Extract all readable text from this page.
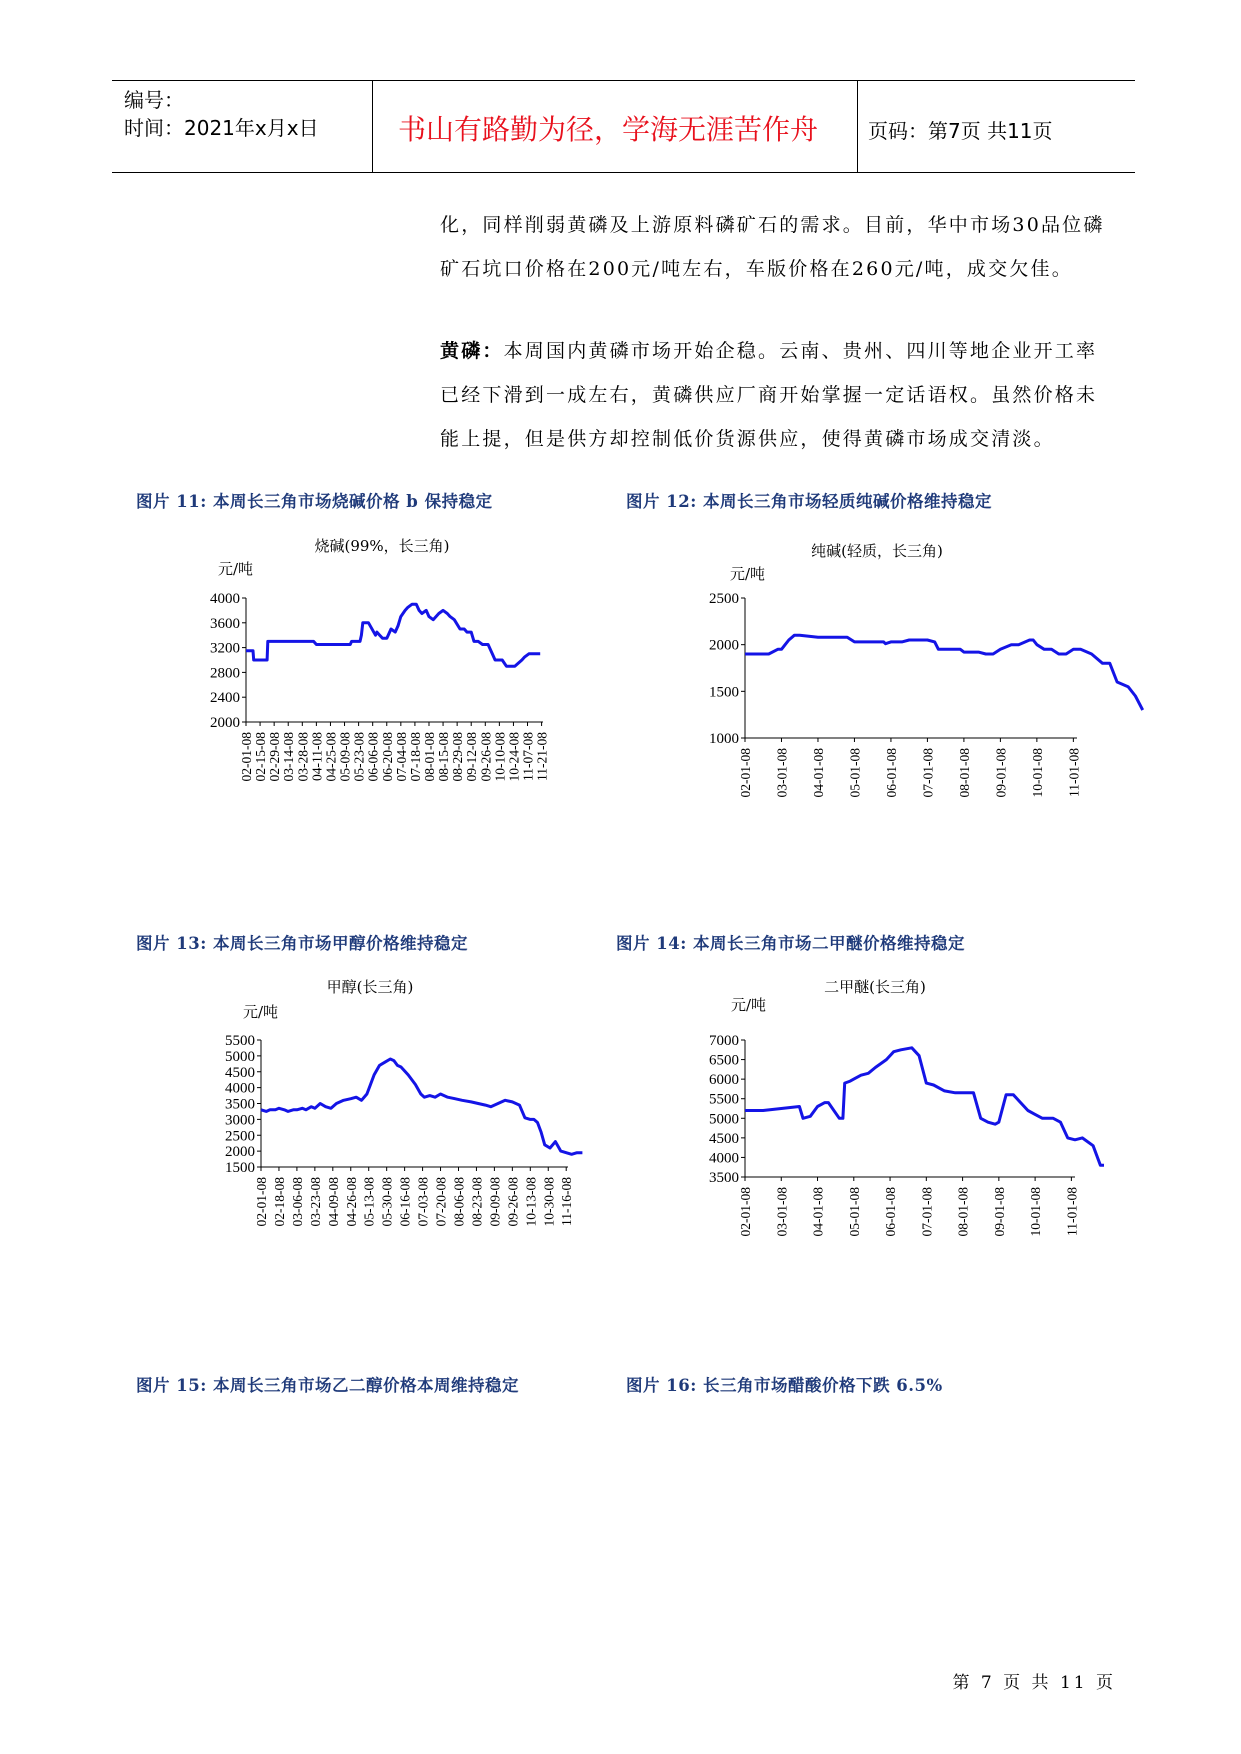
编号：
时间：2021年x月x日	书山有路勤为径，学海无涯苦作舟 页码：第7页 共11页
化，同样削弱黄磷及上游原料磷矿石的需求。目前，华中市场30品位磷
矿石坑口价格在200元/吨左右，车版价格在260元/吨，成交欠佳。
黄磷：本周国内黄磷市场开始企稳。云南、贵州、四川等地企业开工率
已经下滑到一成左右，黄磷供应厂商开始掌握一定话语权。虽然价格未
能上提，但是供方却控制低价货源供应，使得黄磷市场成交清淡。
图片 11: 本周长三角市场烧碱价格 b 保持稳定	图片 12: 本周长三角市场轻质纯碱价格维持稳定
图片 13: 本周长三角市场甲醇价格维持稳定	图片 14: 本周长三角市场二甲醚价格维持稳定
图片 15: 本周长三角市场乙二醇价格本周维持稳定	图片 16: 长三角市场醋酸价格下跌 6.5%
烧碱(99%，长三角)
元/吨
2000
2400
2800
3200
3600
4000
02-01-08 02-15-08 02-29-08 03-14-08 03-28-08 04-11-08 04-25-08 05-09-08 05-23-08 06-06-08 06-20-08 07-04-08 07-18-08 08-01-08 08-15-08 08-29-08 09-12-08 09-26-08 10-10-08 10-24-08 11-07-08 11-21-08
纯碱(轻质，长三角)
元/吨
1000
1500
2000
2500
02-01-08 03-01-08 04-01-08 05-01-08 06-01-08 07-01-08 08-01-08 09-01-08 10-01-08 11-01-08
甲醇(长三角)
元/吨
1500
2000
2500
3000
3500
4000
4500
5000
5500
02-01-08 02-18-08 03-06-08 03-23-08 04-09-08 04-26-08 05-13-08 05-30-08 06-16-08 07-03-08 07-20-08 08-06-08 08-23-08 09-09-08 09-26-08 10-13-08 10-30-08 11-16-08
二甲醚(长三角)
元/吨
3500
4000
4500
5000
5500
6000
6500
7000
02-01-08 03-01-08 04-01-08 05-01-08 06-01-08 07-01-08 08-01-08 09-01-08 10-01-08 11-01-08
第 7 页 共 11 页
